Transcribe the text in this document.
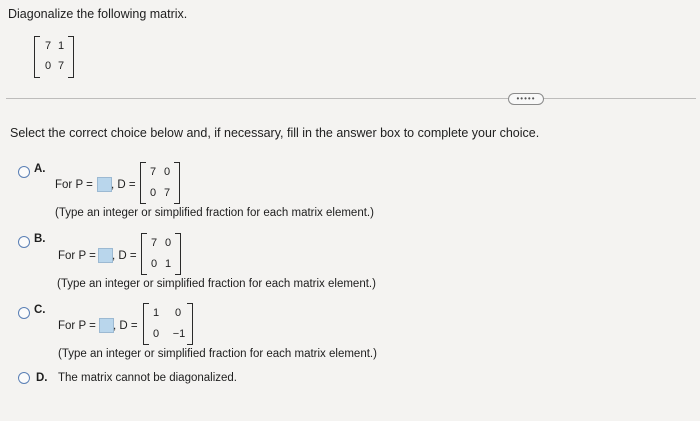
Diagonalize the following matrix.
7 1
0 7
•••••
Select the correct choice below and, if necessary, fill in the answer box to complete your choice.
A.
For P = , D =
7 0
0 7
(Type an integer or simplified fraction for each matrix element.)
B.
For P = , D =
7 0
0 1
(Type an integer or simplified fraction for each matrix element.)
C.
For P = , D =
1	0
0	−1
(Type an integer or simplified fraction for each matrix element.)
D. The matrix cannot be diagonalized.
